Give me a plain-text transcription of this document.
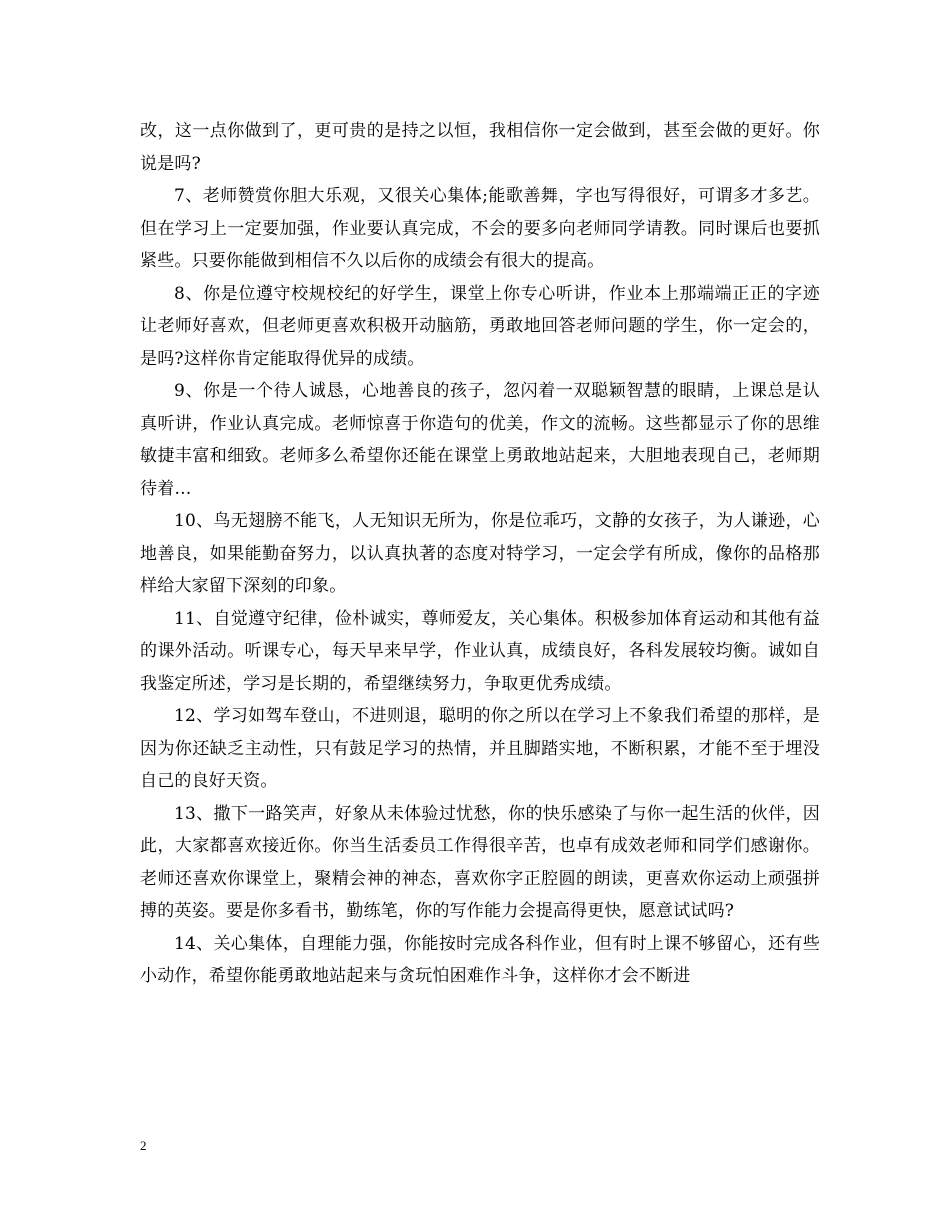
改，这一点你做到了，更可贵的是持之以恒，我相信你一定会做到，甚至会做的更好。你说是吗?

7、老师赞赏你胆大乐观，又很关心集体;能歌善舞，字也写得很好，可谓多才多艺。但在学习上一定要加强，作业要认真完成，不会的要多向老师同学请教。同时课后也要抓紧些。只要你能做到相信不久以后你的成绩会有很大的提高。

8、你是位遵守校规校纪的好学生，课堂上你专心听讲，作业本上那端端正正的字迹让老师好喜欢，但老师更喜欢积极开动脑筋，勇敢地回答老师问题的学生，你一定会的，是吗?这样你肯定能取得优异的成绩。

9、你是一个待人诚恳，心地善良的孩子，忽闪着一双聪颖智慧的眼睛，上课总是认真听讲，作业认真完成。老师惊喜于你造句的优美，作文的流畅。这些都显示了你的思维敏捷丰富和细致。老师多么希望你还能在课堂上勇敢地站起来，大胆地表现自己，老师期待着…

10、鸟无翅膀不能飞，人无知识无所为，你是位乖巧，文静的女孩子，为人谦逊，心地善良，如果能勤奋努力，以认真执著的态度对特学习，一定会学有所成，像你的品格那样给大家留下深刻的印象。

11、自觉遵守纪律，俭朴诚实，尊师爱友，关心集体。积极参加体育运动和其他有益的课外活动。听课专心，每天早来早学，作业认真，成绩良好，各科发展较均衡。诚如自我鉴定所述，学习是长期的，希望继续努力，争取更优秀成绩。

12、学习如驾车登山，不进则退，聪明的你之所以在学习上不象我们希望的那样，是因为你还缺乏主动性，只有鼓足学习的热情，并且脚踏实地，不断积累，才能不至于埋没自己的良好天资。

13、撒下一路笑声，好象从未体验过忧愁，你的快乐感染了与你一起生活的伙伴，因此，大家都喜欢接近你。你当生活委员工作得很辛苦，也卓有成效老师和同学们感谢你。老师还喜欢你课堂上，聚精会神的神态，喜欢你字正腔圆的朗读，更喜欢你运动上顽强拼搏的英姿。要是你多看书，勤练笔，你的写作能力会提高得更快，愿意试试吗?

14、关心集体，自理能力强，你能按时完成各科作业，但有时上课不够留心，还有些小动作，希望你能勇敢地站起来与贪玩怕困难作斗争，这样你才会不断进

2
